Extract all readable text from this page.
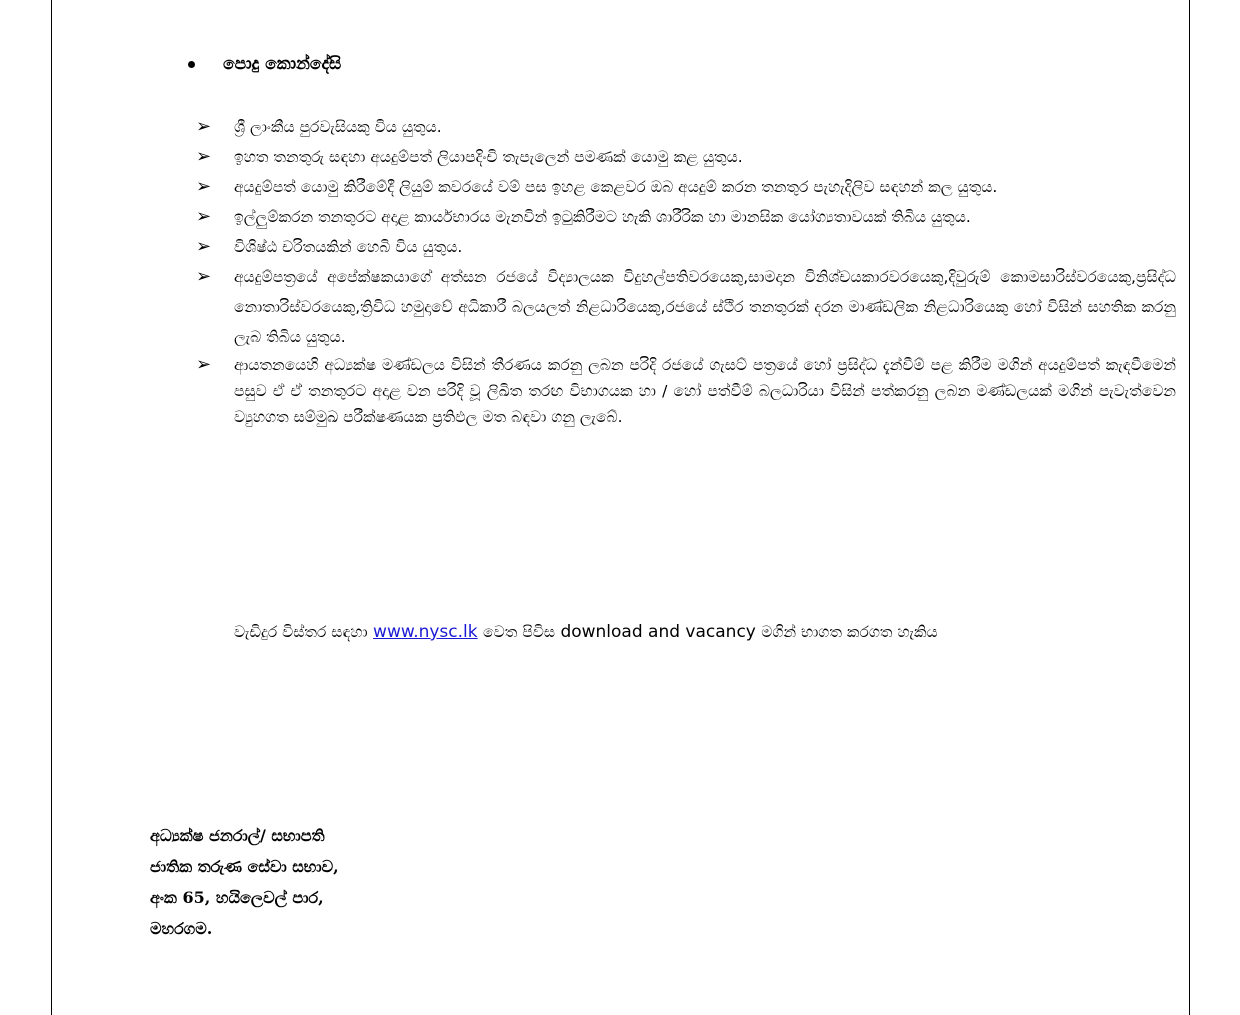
පොදු කොන්දේසි
➢	ශ්‍රී ලාංකීය පුරවැසියකු විය යුතුය.
➢	ඉහත තනතුරු සඳහා අයදුම්පත් ලියාපදිංචි තැපැලෙන් පමණක් යොමු කළ යුතුය.
➢	අයදුම්පත් යොමු කිරීමේදී ලියුම් කවරයේ වම් පස ඉහළ කෙළවර ඔබ අයදුම් කරන තනතුර පැහැදිලිව සඳහන් කල යුතුය.
➢	ඉල්ලුම්කරන තනතුරට අදාළ කාර්යභාරය මැනවින් ඉටුකිරීමට හැකි ශාරීරික හා මානසික යෝග්‍යතාවයක් තිබිය යුතුය.
➢	විශිෂ්ඨ චරිතයකින් හෙබි විය යුතුය.
➢	අයදුම්පත්‍රයේ අපේක්ෂකයාගේ අත්සන රජයේ විද්‍යාලයක විදුහල්පතිවරයෙකු,සාමදාන විනිශ්චයකාරවරයෙකු,දිවුරුම් කොමසාරිස්වරයෙකු,ප්‍රසිද්ධ නොතාරිස්වරයෙකු,ත්‍රිවිධ හමුදාවේ අධිකාරී බලයලත් නිළධාරියෙකු,රජයේ ස්ථිර තනතුරක් දරන මාණ්ඩලික නිළධාරියෙකු හෝ විසින් සහතික කරනු ලැබ තිබිය යුතුය.
➢	ආයතනයෙහි අධ්‍යක්ෂ මණ්ඩලය විසින් තීරණය කරනු ලබන පරිදි රජයේ ගැසට් පත්‍රයේ හෝ ප්‍රසිද්ධ දැන්වීම් පළ කිරීම මගින් අයදුම්පත් කැඳවීමෙන් පසුව ඒ ඒ තනතුරට අදාළ වන පරිදි වූ ලිඛිත තරඟ විභාගයක හා / හෝ පත්වීම් බලධාරියා විසින් පත්කරනු ලබන මණ්ඩලයක් මගින් පැවැත්වෙන ව්‍යුහගත සම්මුඛ පරීක්ෂණයක ප්‍රතිඵල මත බඳවා ගනු ලැබේ.
වැඩිදුර විස්තර සඳහා www.nysc.lk වෙත පිවිස download and vacancy මගින් භාගත කරගත හැකිය
අධ්‍යක්ෂ ජනරාල්/ සභාපති
ජාතික තරුණ සේවා සභාව,
අංක 65, හයිලෙවල් පාර,
මහරගම.
